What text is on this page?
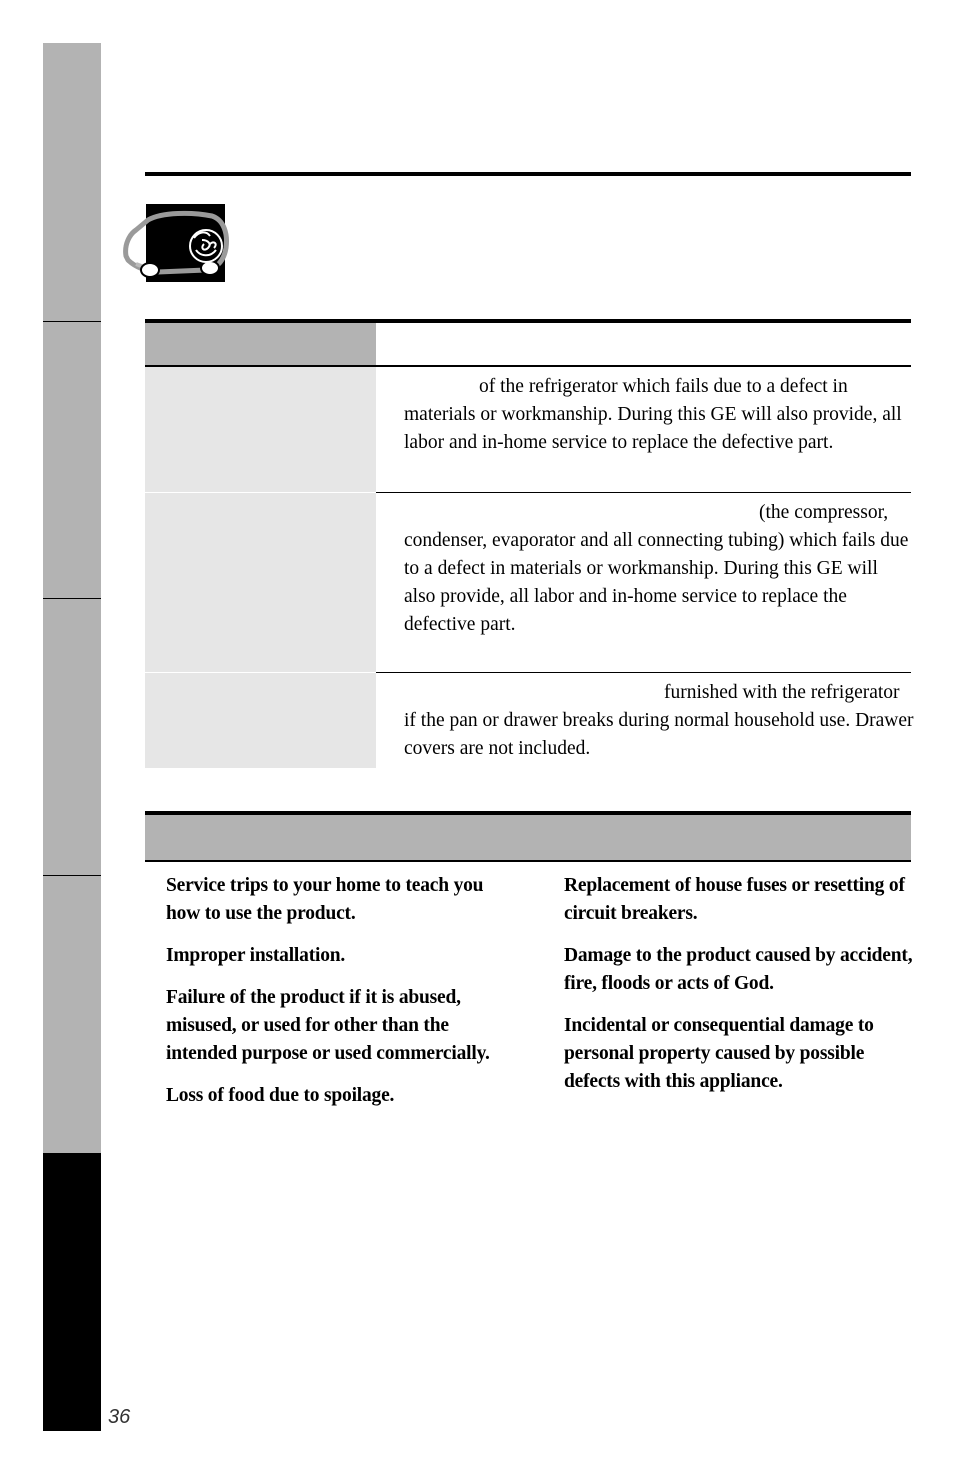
36

of the refrigerator which fails due to a defect in materials or workmanship. During this GE will also provide, all labor and in-home service to replace the defective part.

(the compressor, condenser, evaporator and all connecting tubing) which fails due to a defect in materials or workmanship. During this GE will also provide, all labor and in-home service to replace the defective part.

furnished with the refrigerator if the pan or drawer breaks during normal household use. Drawer covers are not included.

Service trips to your home to teach you how to use the product.

Improper installation.

Failure of the product if it is abused, misused, or used for other than the intended purpose or used commercially.

Loss of food due to spoilage.

Replacement of house fuses or resetting of circuit breakers.

Damage to the product caused by accident, fire, floods or acts of God.

Incidental or consequential damage to personal property caused by possible defects with this appliance.
